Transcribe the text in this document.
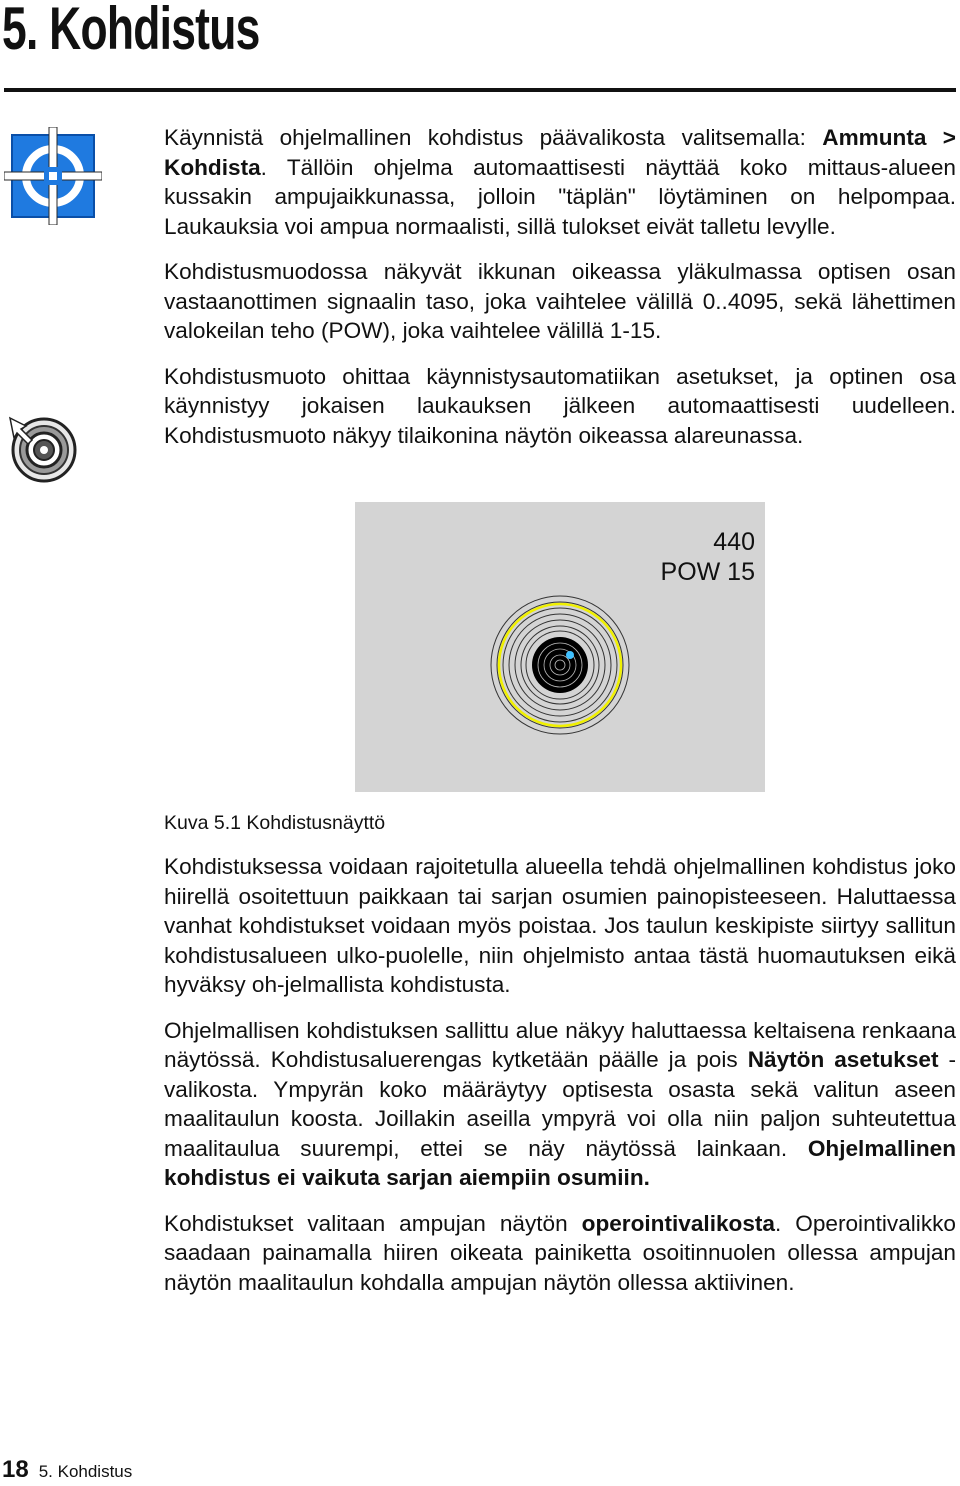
5. Kohdistus

Käynnistä ohjelmallinen kohdistus päävalikosta valitsemalla: Ammunta > Kohdista. Tällöin ohjelma automaattisesti näyttää koko mittaus-alueen kussakin ampujaikkunassa, jolloin "täplän" löytäminen on helpompaa. Laukauksia voi ampua normaalisti, sillä tulokset eivät talletu levylle.

Kohdistusmuodossa näkyvät ikkunan oikeassa yläkulmassa optisen osan vastaanottimen signaalin taso, joka vaihtelee välillä 0..4095, sekä lähettimen valokeilan teho (POW), joka vaihtelee välillä 1-15.

Kohdistusmuoto ohittaa käynnistysautomatiikan asetukset, ja optinen osa käynnistyy jokaisen laukauksen jälkeen automaattisesti uudelleen. Kohdistusmuoto näkyy tilaikonina näytön oikeassa alareunassa.

440
POW 15

Kuva 5.1 Kohdistusnäyttö

Kohdistuksessa voidaan rajoitetulla alueella tehdä ohjelmallinen kohdistus joko hiirellä osoitettuun paikkaan tai sarjan osumien painopisteeseen. Haluttaessa vanhat kohdistukset voidaan myös poistaa. Jos taulun keskipiste siirtyy sallitun kohdistusalueen ulko-puolelle, niin ohjelmisto antaa tästä huomautuksen eikä hyväksy oh-jelmallista kohdistusta.

Ohjelmallisen kohdistuksen sallittu alue näkyy haluttaessa keltaisena renkaana näytössä. Kohdistusaluerengas kytketään päälle ja pois Näytön asetukset -valikosta. Ympyrän koko määräytyy optisesta osasta sekä valitun aseen maalitaulun koosta. Joillakin aseilla ympyrä voi olla niin paljon suhteutettua maalitaulua suurempi, ettei se näy näytössä lainkaan. Ohjelmallinen kohdistus ei vaikuta sarjan aiempiin osumiin.

Kohdistukset valitaan ampujan näytön operointivalikosta. Operointivalikko saadaan painamalla hiiren oikeata painiketta osoitinnuolen ollessa ampujan näytön maalitaulun kohdalla ampujan näytön ollessa aktiivinen.

18 5. Kohdistus
